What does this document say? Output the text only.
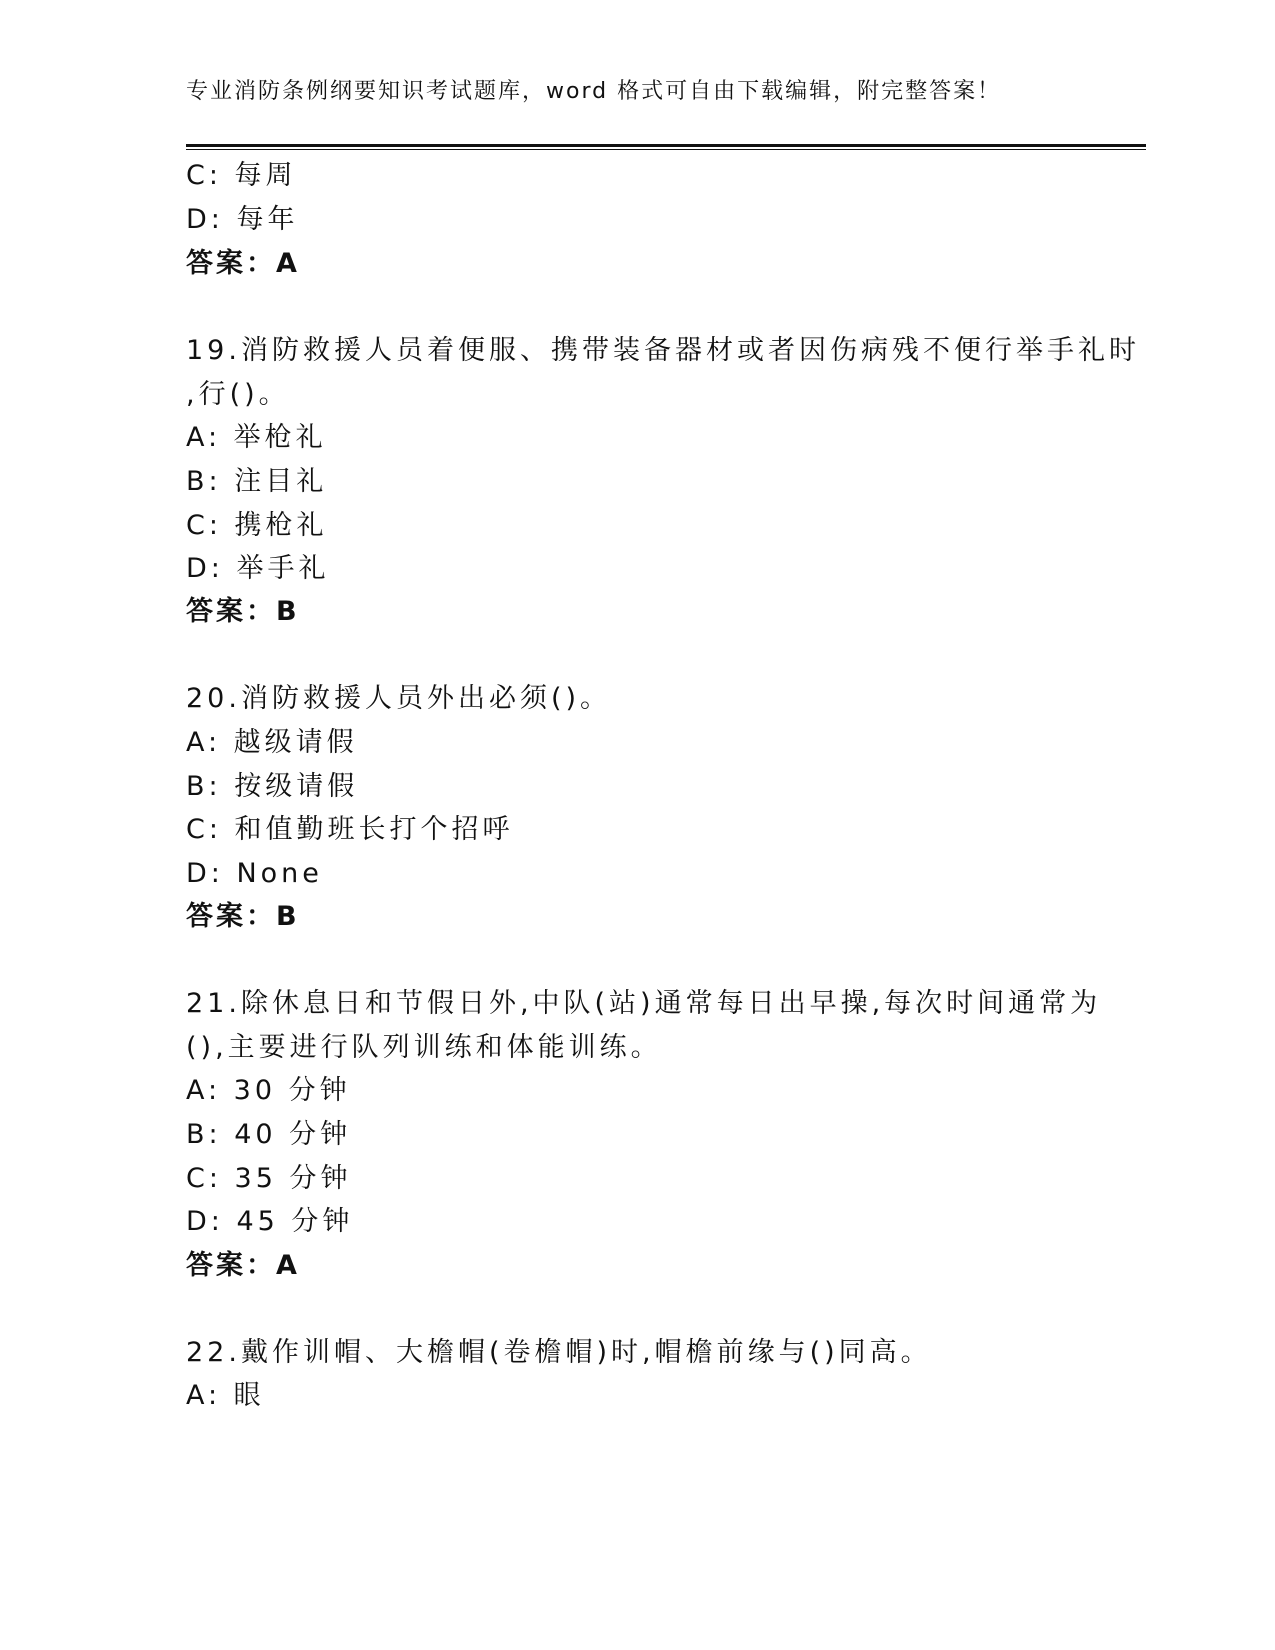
专业消防条例纲要知识考试题库，word 格式可自由下载编辑，附完整答案！
C: 每周
D: 每年
答案：A
19.消防救援人员着便服、携带装备器材或者因伤病残不便行举手礼时
,行()。
A: 举枪礼
B: 注目礼
C: 携枪礼
D: 举手礼
答案：B
20.消防救援人员外出必须()。
A: 越级请假
B: 按级请假
C: 和值勤班长打个招呼
D: None
答案：B
21.除休息日和节假日外,中队(站)通常每日出早操,每次时间通常为
(),主要进行队列训练和体能训练。
A: 30 分钟
B: 40 分钟
C: 35 分钟
D: 45 分钟
答案：A
22.戴作训帽、大檐帽(卷檐帽)时,帽檐前缘与()同高。
A: 眼
